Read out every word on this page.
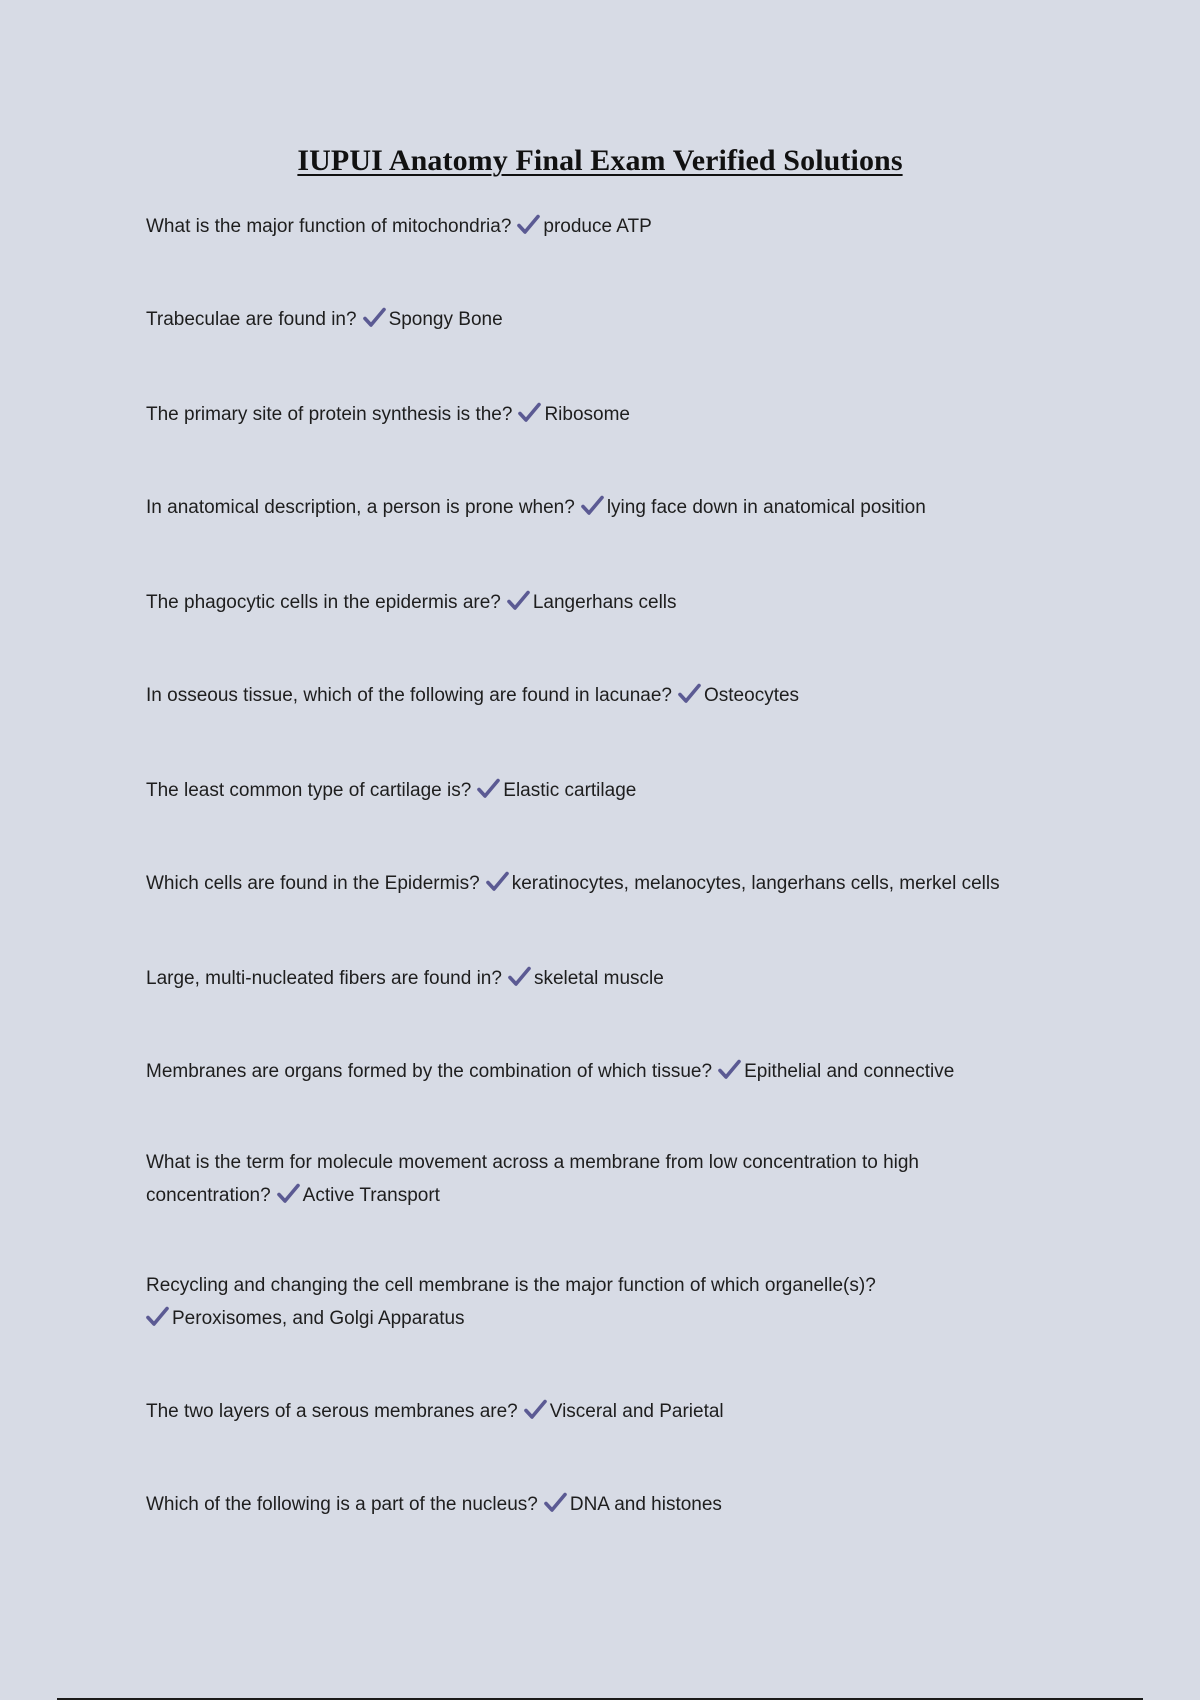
IUPUI Anatomy Final Exam Verified Solutions
What is the major function of mitochondria? produce ATP
Trabeculae are found in? Spongy Bone
The primary site of protein synthesis is the? Ribosome
In anatomical description, a person is prone when? lying face down in anatomical position
The phagocytic cells in the epidermis are? Langerhans cells
In osseous tissue, which of the following are found in lacunae? Osteocytes
The least common type of cartilage is? Elastic cartilage
Which cells are found in the Epidermis? keratinocytes, melanocytes, langerhans cells, merkel cells
Large, multi-nucleated fibers are found in? skeletal muscle
Membranes are organs formed by the combination of which tissue? Epithelial and connective
What is the term for molecule movement across a membrane from low concentration to high concentration? Active Transport
Recycling and changing the cell membrane is the major function of which organelle(s)?

Peroxisomes, and Golgi Apparatus
The two layers of a serous membranes are? Visceral and Parietal
Which of the following is a part of the nucleus? DNA and histones
